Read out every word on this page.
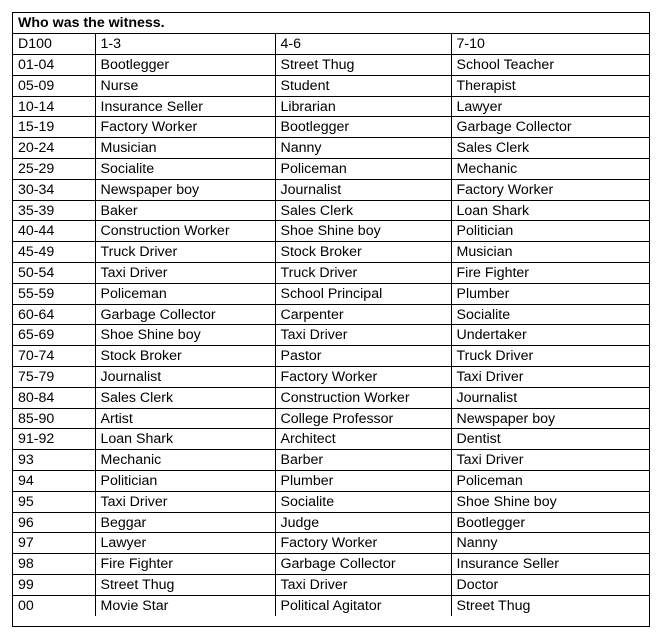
Who was the witness.			
D100	1-3	4-6	7-10
01-04	Bootlegger	Street Thug	School Teacher
05-09	Nurse	Student	Therapist
10-14	Insurance Seller	Librarian	Lawyer
15-19	Factory Worker	Bootlegger	Garbage Collector
20-24	Musician	Nanny	Sales Clerk
25-29	Socialite	Policeman	Mechanic
30-34	Newspaper boy	Journalist	Factory Worker
35-39	Baker	Sales Clerk	Loan Shark
40-44	Construction Worker	Shoe Shine boy	Politician
45-49	Truck Driver	Stock Broker	Musician
50-54	Taxi Driver	Truck Driver	Fire Fighter
55-59	Policeman	School Principal	Plumber
60-64	Garbage Collector	Carpenter	Socialite
65-69	Shoe Shine boy	Taxi Driver	Undertaker
70-74	Stock Broker	Pastor	Truck Driver
75-79	Journalist	Factory Worker	Taxi Driver
80-84	Sales Clerk	Construction Worker	Journalist
85-90	Artist	College Professor	Newspaper boy
91-92	Loan Shark	Architect	Dentist
93	Mechanic	Barber	Taxi Driver
94	Politician	Plumber	Policeman
95	Taxi Driver	Socialite	Shoe Shine boy
96	Beggar	Judge	Bootlegger
97	Lawyer	Factory Worker	Nanny
98	Fire Fighter	Garbage Collector	Insurance Seller
99	Street Thug	Taxi Driver	Doctor
00	Movie Star	Political Agitator	Street Thug
